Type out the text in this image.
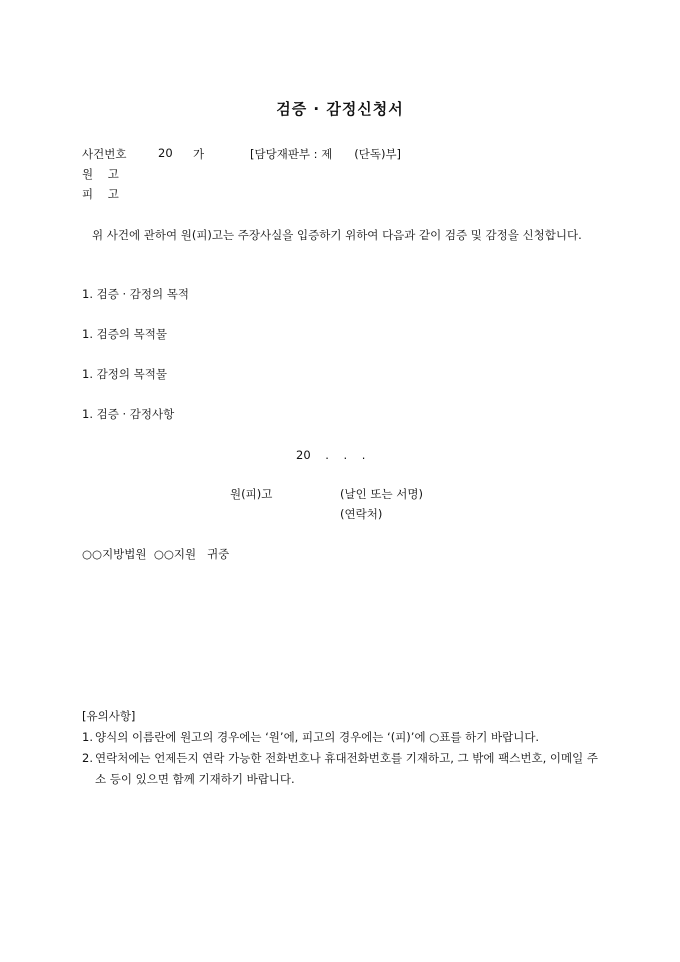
검증 · 감정신청서
사건번호	20 가	[담당재판부 : 제      (단독)부]
원    고
피    고
위 사건에 관하여 원(피)고는 주장사실을 입증하기 위하여 다음과 같이 검증 및 감정을 신청합니다.
1. 검증 · 감정의 목적
1. 검증의 목적물
1. 감정의 목적물
1. 검증 · 감정사항
20    .    .    .
원(피)고	(날인 또는 서명)
(연락처)
○○지방법원  ○○지원   귀중
[유의사항]
1. 양식의 이름란에 원고의 경우에는 ‘원’에, 피고의 경우에는 ‘(피)’에 ○표를 하기 바랍니다.
2. 연락처에는 언제든지 연락 가능한 전화번호나 휴대전화번호를 기재하고, 그 밖에 팩스번호, 이메일 주소 등이 있으면 함께 기재하기 바랍니다.
